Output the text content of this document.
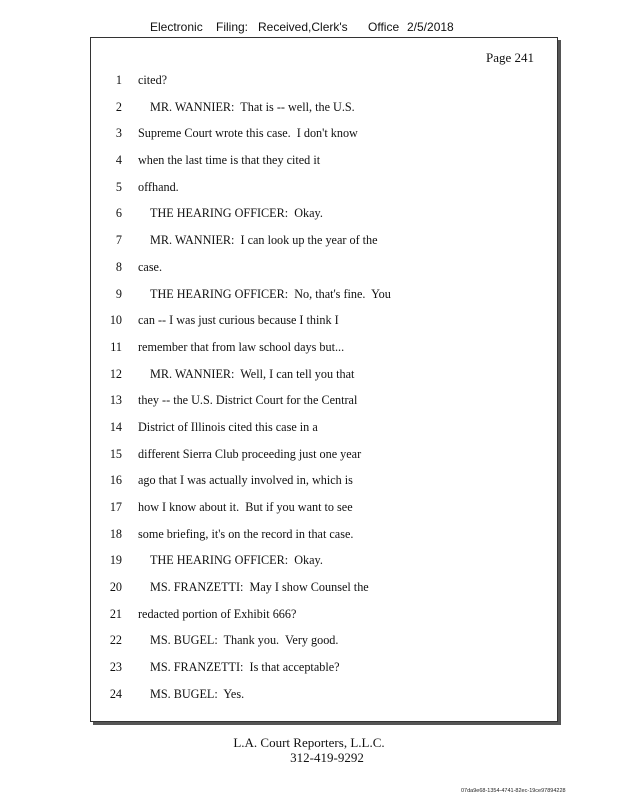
Electronic Filing: Received,Clerk's Office 2/5/2018
Page 241
1 cited?
2 MR. WANNIER:  That is -- well, the U.S.
3 Supreme Court wrote this case.  I don't know
4 when the last time is that they cited it
5 offhand.
6 THE HEARING OFFICER:  Okay.
7 MR. WANNIER:  I can look up the year of the
8 case.
9 THE HEARING OFFICER:  No, that's fine.  You
10 can -- I was just curious because I think I
11 remember that from law school days but...
12 MR. WANNIER:  Well, I can tell you that
13 they -- the U.S. District Court for the Central
14 District of Illinois cited this case in a
15 different Sierra Club proceeding just one year
16 ago that I was actually involved in, which is
17 how I know about it.  But if you want to see
18 some briefing, it's on the record in that case.
19 THE HEARING OFFICER:  Okay.
20 MS. FRANZETTI:  May I show Counsel the
21 redacted portion of Exhibit 666?
22 MS. BUGEL:  Thank you.  Very good.
23 MS. FRANZETTI:  Is that acceptable?
24 MS. BUGEL:  Yes.
L.A. Court Reporters, L.L.C.
312-419-9292
07da9e68-1354-4741-82ec-19ce97894228
